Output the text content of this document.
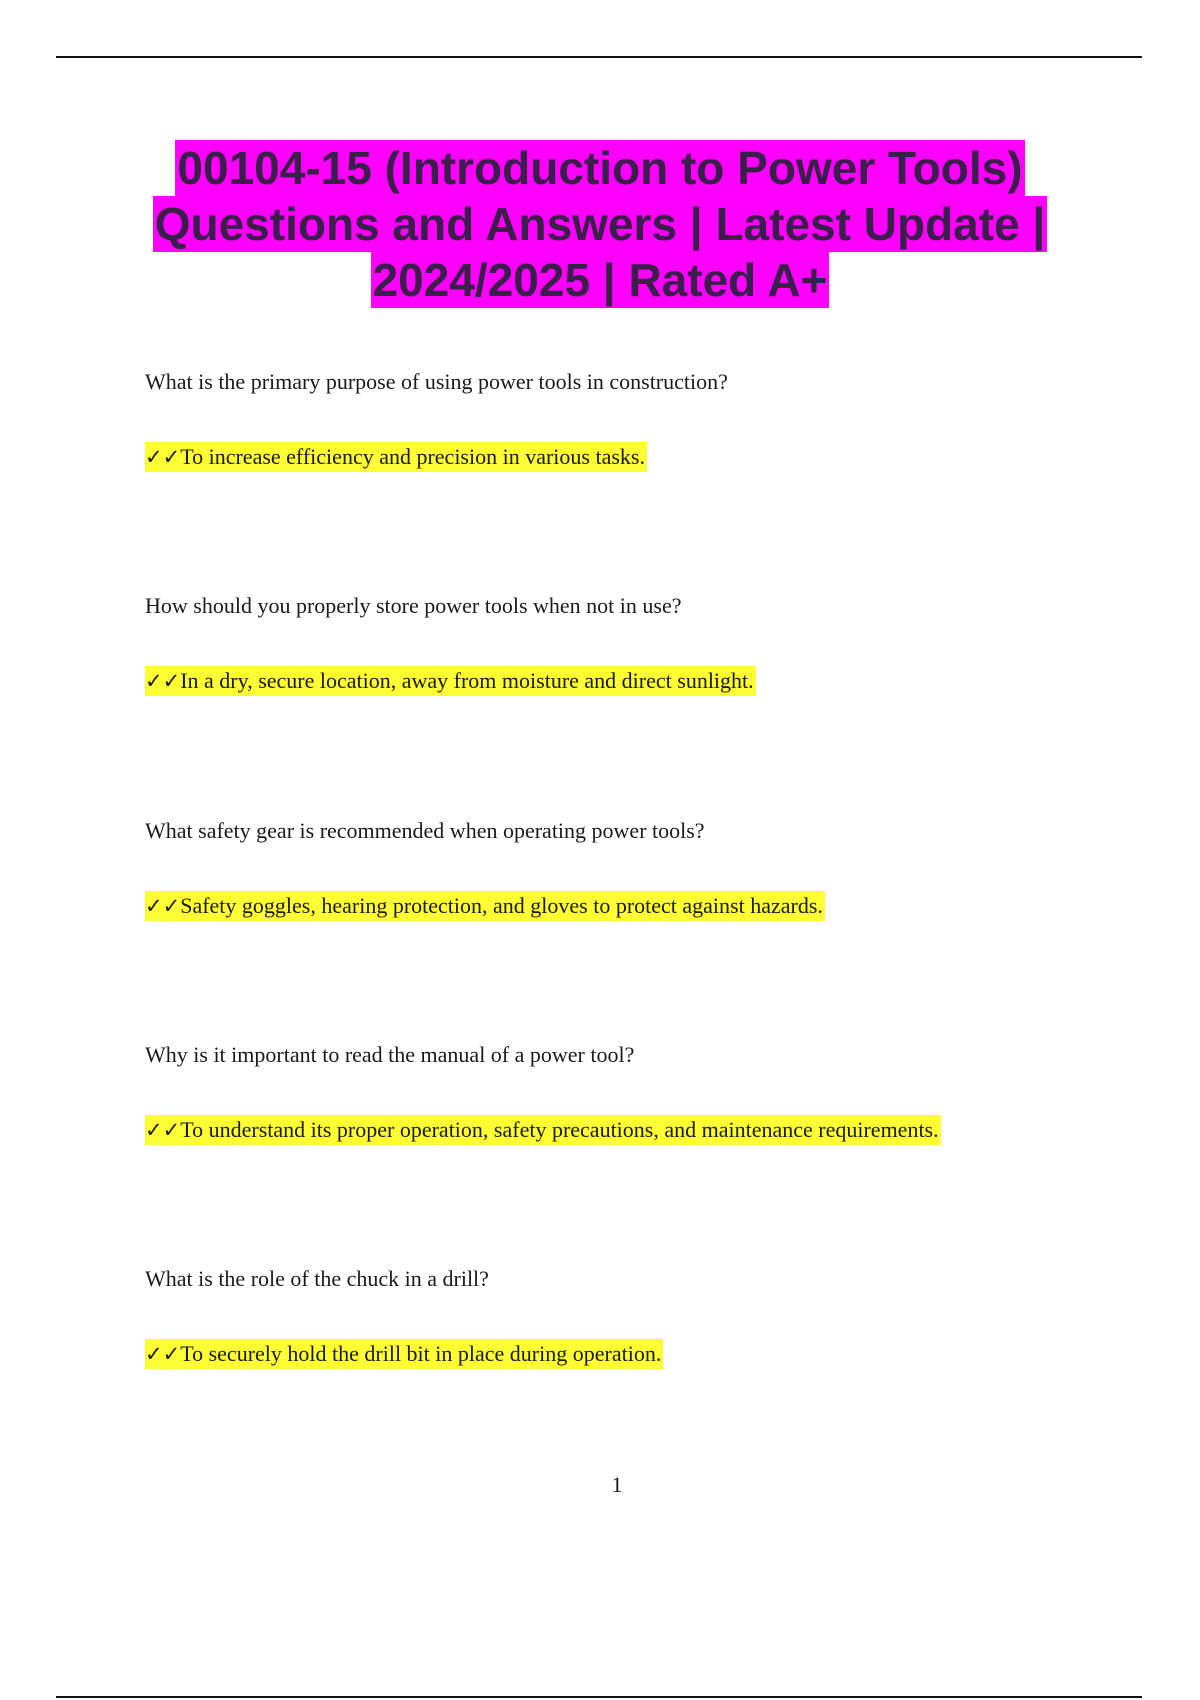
00104-15 (Introduction to Power Tools)
Questions and Answers | Latest Update |
2024/2025 | Rated A+

What is the primary purpose of using power tools in construction?

✓✓To increase efficiency and precision in various tasks.

How should you properly store power tools when not in use?

✓✓In a dry, secure location, away from moisture and direct sunlight.

What safety gear is recommended when operating power tools?

✓✓Safety goggles, hearing protection, and gloves to protect against hazards.

Why is it important to read the manual of a power tool?

✓✓To understand its proper operation, safety precautions, and maintenance requirements.

What is the role of the chuck in a drill?

✓✓To securely hold the drill bit in place during operation.
1
